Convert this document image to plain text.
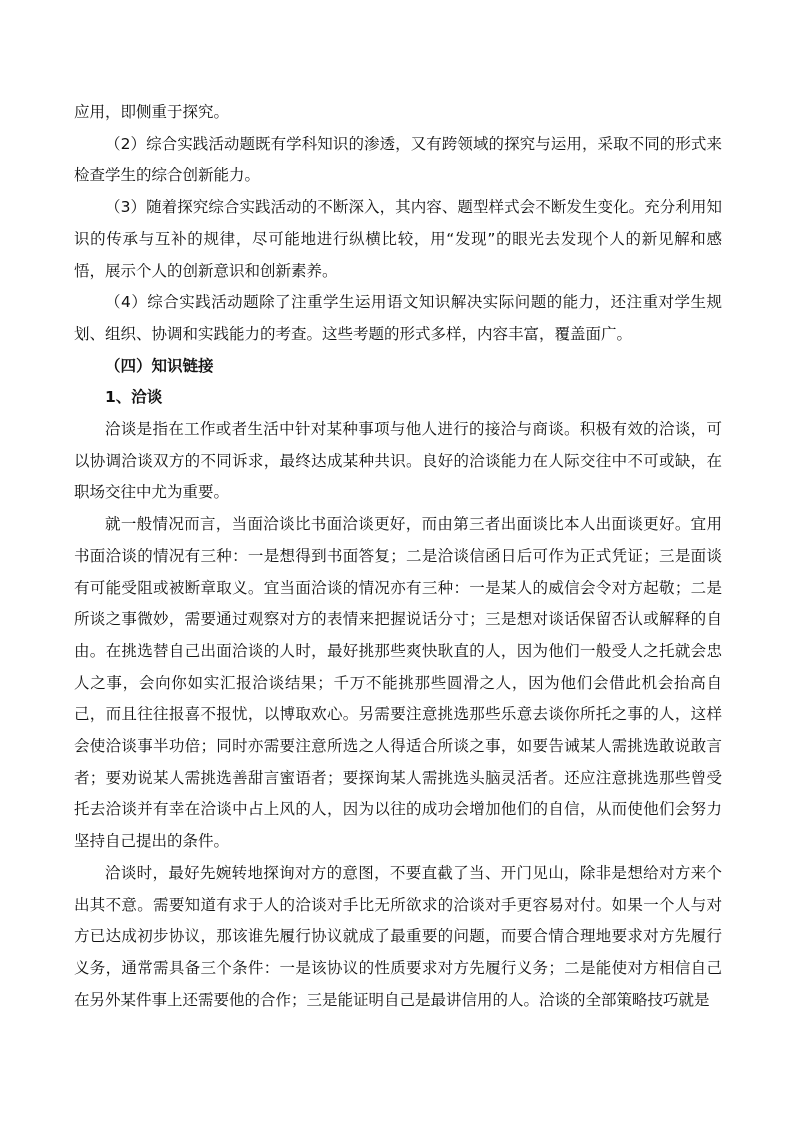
应用，即侧重于探究。

（2）综合实践活动题既有学科知识的渗透，又有跨领域的探究与运用，采取不同的形式来检查学生的综合创新能力。

（3）随着探究综合实践活动的不断深入，其内容、题型样式会不断发生变化。充分利用知识的传承与互补的规律，尽可能地进行纵横比较，用“发现”的眼光去发现个人的新见解和感悟，展示个人的创新意识和创新素养。

（4）综合实践活动题除了注重学生运用语文知识解决实际问题的能力，还注重对学生规划、组织、协调和实践能力的考查。这些考题的形式多样，内容丰富，覆盖面广。

（四）知识链接

1、洽谈

洽谈是指在工作或者生活中针对某种事项与他人进行的接洽与商谈。积极有效的洽谈，可以协调洽谈双方的不同诉求，最终达成某种共识。良好的洽谈能力在人际交往中不可或缺，在职场交往中尤为重要。

就一般情况而言，当面洽谈比书面洽谈更好，而由第三者出面谈比本人出面谈更好。宜用书面洽谈的情况有三种：一是想得到书面答复；二是洽谈信函日后可作为正式凭证；三是面谈有可能受阻或被断章取义。宜当面洽谈的情况亦有三种：一是某人的威信会令对方起敬；二是所谈之事微妙，需要通过观察对方的表情来把握说话分寸；三是想对谈话保留否认或解释的自由。在挑选替自己出面洽谈的人时，最好挑那些爽快耿直的人，因为他们一般受人之托就会忠人之事，会向你如实汇报洽谈结果；千万不能挑那些圆滑之人，因为他们会借此机会抬高自己，而且往往报喜不报忧，以博取欢心。另需要注意挑选那些乐意去谈你所托之事的人，这样会使洽谈事半功倍；同时亦需要注意所选之人得适合所谈之事，如要告诫某人需挑选敢说敢言者；要劝说某人需挑选善甜言蜜语者；要探询某人需挑选头脑灵活者。还应注意挑选那些曾受托去洽谈并有幸在洽谈中占上风的人，因为以往的成功会增加他们的自信，从而使他们会努力坚持自己提出的条件。

洽谈时，最好先婉转地探询对方的意图，不要直截了当、开门见山，除非是想给对方来个出其不意。需要知道有求于人的洽谈对手比无所欲求的洽谈对手更容易对付。如果一个人与对方已达成初步协议，那该谁先履行协议就成了最重要的问题，而要合情合理地要求对方先履行义务，通常需具备三个条件：一是该协议的性质要求对方先履行义务；二是能使对方相信自己在另外某件事上还需要他的合作；三是能证明自己是最讲信用的人。洽谈的全部策略技巧就是
